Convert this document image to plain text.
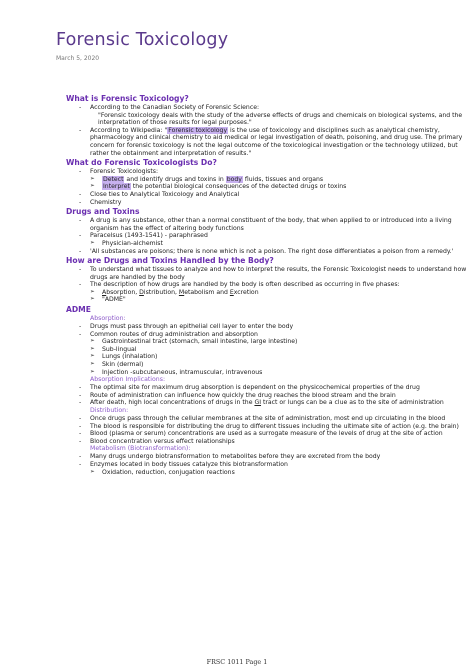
Forensic Toxicology
March 5, 2020
What is Forensic Toxicology?
- According to the Canadian Society of Forensic Science:
"Forensic toxicology deals with the study of the adverse effects of drugs and chemicals on biological systems, and the interpretation of those results for legal purposes."
- According to Wikipedia: "Forensic toxicology is the use of toxicology and disciplines such as analytical chemistry, pharmacology and clinical chemistry to aid medical or legal investigation of death, poisoning, and drug use. The primary concern for forensic toxicology is not the legal outcome of the toxicological investigation or the technology utilized, but rather the obtainment and interpretation of results."
What do Forensic Toxicologists Do?
- Forensic Toxicologists:
➢ Detect and identify drugs and toxins in body fluids, tissues and organs
➢ Interpret the potential biological consequences of the detected drugs or toxins
- Close ties to Analytical Toxicology and Analytical
- Chemistry
Drugs and Toxins
- A drug is any substance, other than a normal constituent of the body, that when applied to or introduced into a living organism has the effect of altering body functions
- Paracelsus (1493-1541) - paraphrased
➢ Physician-alchemist
- 'All substances are poisons; there is none which is not a poison. The right dose differentiates a poison from a remedy.'
How are Drugs and Toxins Handled by the Body?
- To understand what tissues to analyze and how to interpret the results, the Forensic Toxicologist needs to understand how drugs are handled by the body
- The description of how drugs are handled by the body is often described as occurring in five phases:
➢ Absorption, Distribution, Metabolism and Excretion
➢ "ADME"
ADME
Absorption:
- Drugs must pass through an epithelial cell layer to enter the body
- Common routes of drug administration and absorption
➢ Gastrointestinal tract (stomach, small intestine, large intestine)
➢ Sub-lingual
➢ Lungs (inhalation)
➢ Skin (dermal)
➢ Injection -subcutaneous, intramuscular, intravenous
Absorption Implications:
- The optimal site for maximum drug absorption is dependent on the physicochemical properties of the drug
- Route of administration can influence how quickly the drug reaches the blood stream and the brain
- After death, high local concentrations of drugs in the GI tract or lungs can be a clue as to the site of administration
Distribution:
- Once drugs pass through the cellular membranes at the site of administration, most end up circulating in the blood
- The blood is responsible for distributing the drug to different tissues including the ultimate site of action (e.g. the brain)
- Blood (plasma or serum) concentrations are used as a surrogate measure of the levels of drug at the site of action
- Blood concentration versus effect relationships
Metabolism (Biotransformation):
- Many drugs undergo biotransformation to metabolites before they are excreted from the body
- Enzymes located in body tissues catalyze this biotransformation
➢ Oxidation, reduction, conjugation reactions
FRSC 1011 Page 1
